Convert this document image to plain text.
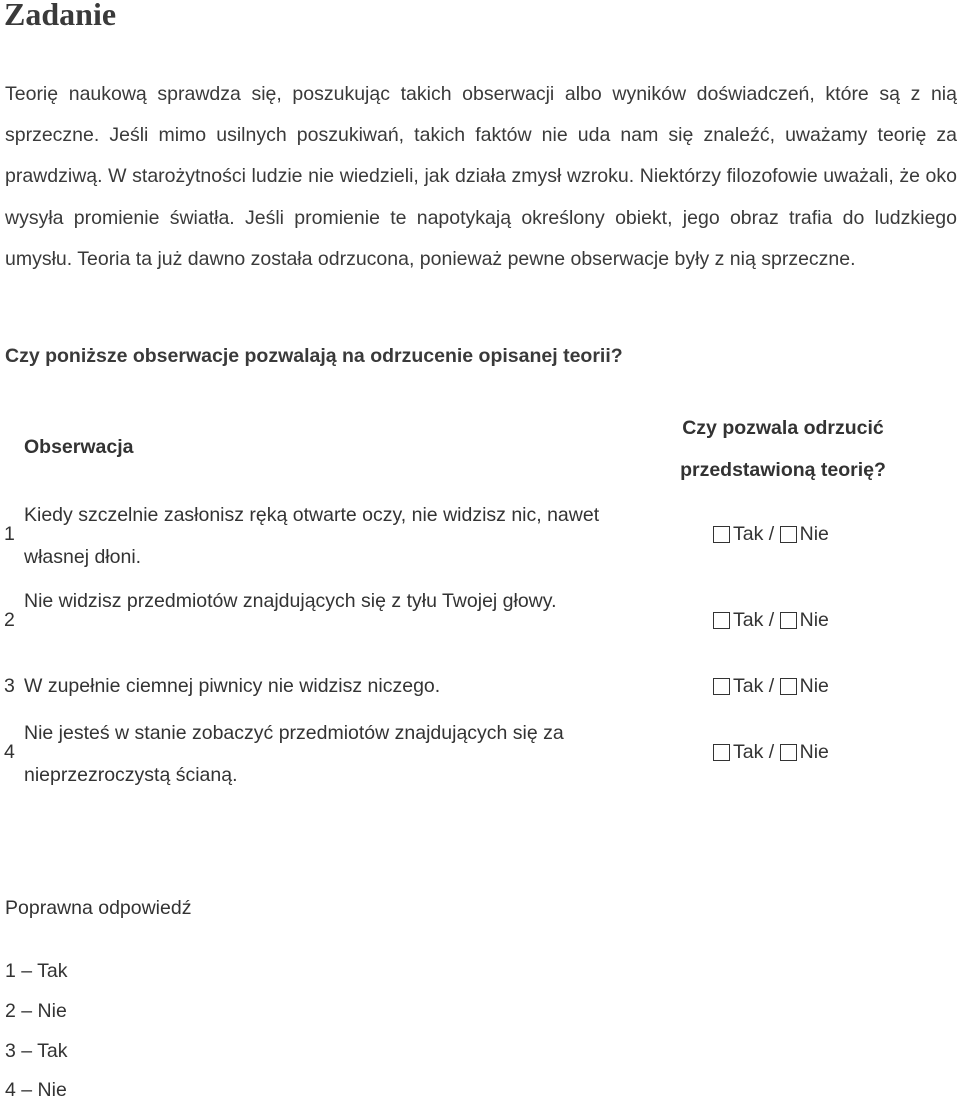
Zadanie

Teorię naukową sprawdza się, poszukując takich obserwacji albo wyników doświadczeń, które są z nią sprzeczne. Jeśli mimo usilnych poszukiwań, takich faktów nie uda nam się znaleźć, uważamy teorię za prawdziwą. W starożytności ludzie nie wiedzieli, jak działa zmysł wzroku. Niektórzy filozofowie uważali, że oko wysyła promienie światła. Jeśli promienie te napotykają określony obiekt, jego obraz trafia do ludzkiego umysłu. Teoria ta już dawno została odrzucona, ponieważ pewne obserwacje były z nią sprzeczne.

Czy poniższe obserwacje pozwalają na odrzucenie opisanej teorii?

Obserwacja
Czy pozwala odrzucić przedstawioną teorię?
1
Kiedy szczelnie zasłonisz ręką otwarte oczy, nie widzisz nic, nawet własnej dłoni.
Tak / Nie
2
Nie widzisz przedmiotów znajdujących się z tyłu Twojej głowy.
Tak / Nie
3 W zupełnie ciemnej piwnicy nie widzisz niczego.	Tak / Nie
4
Nie jesteś w stanie zobaczyć przedmiotów znajdujących się za nieprzezroczystą ścianą.
Tak / Nie
Poprawna odpowiedź
1 – Tak
2 – Nie
3 – Tak
4 – Nie
